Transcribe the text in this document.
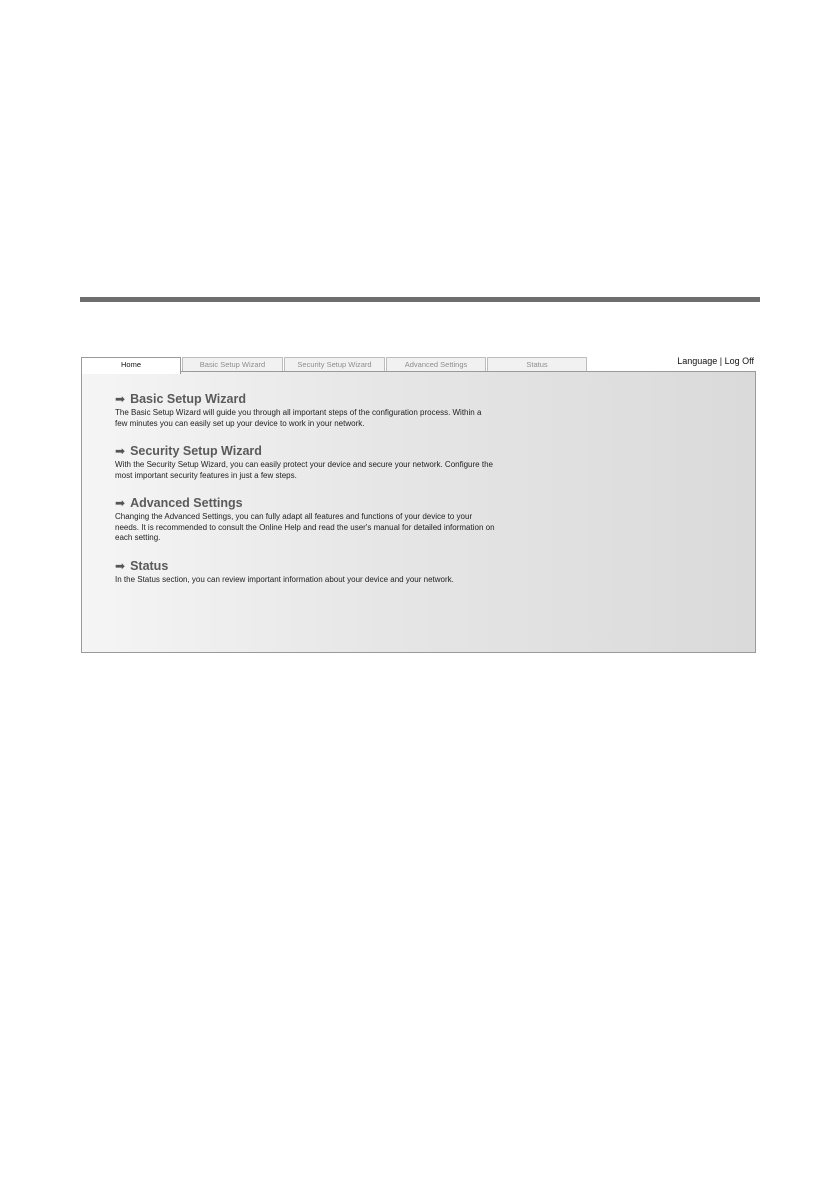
Home	Basic Setup Wizard	Security Setup Wizard	Advanced Settings	Status	Language | Log Off
➡ Basic Setup Wizard
The Basic Setup Wizard will guide you through all important steps of the configuration process. Within a few minutes you can easily set up your device to work in your network.
➡ Security Setup Wizard
With the Security Setup Wizard, you can easily protect your device and secure your network. Configure the most important security features in just a few steps.
➡ Advanced Settings
Changing the Advanced Settings, you can fully adapt all features and functions of your device to your needs. It is recommended to consult the Online Help and read the user's manual for detailed information on each setting.
➡ Status
In the Status section, you can review important information about your device and your network.
